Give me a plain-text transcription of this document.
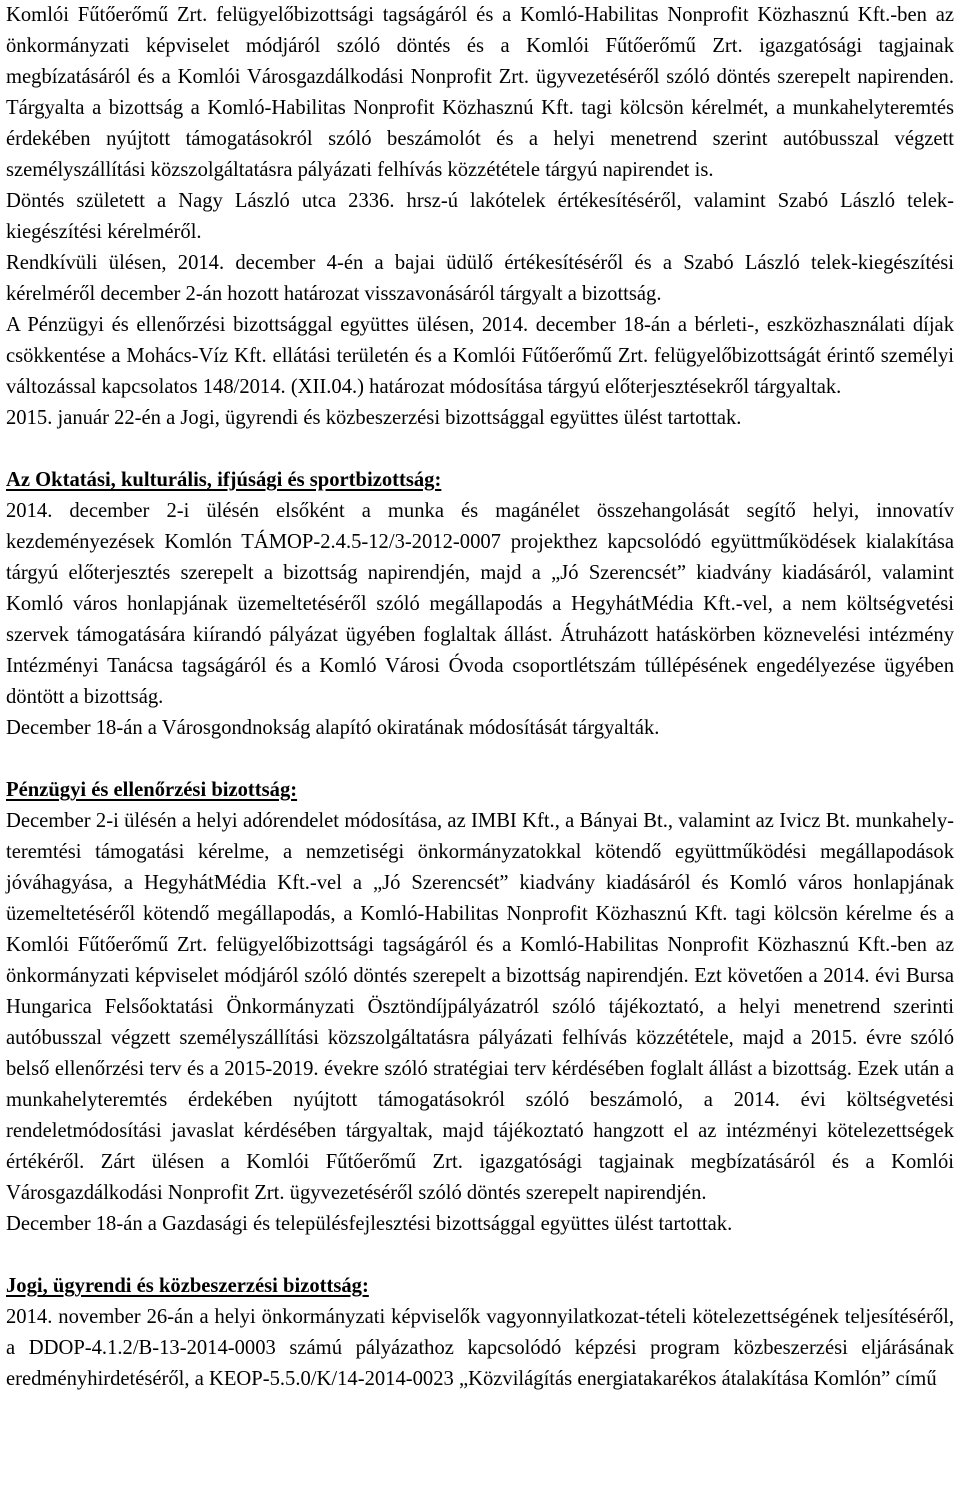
Komlói Fűtőerőmű Zrt. felügyelőbizottsági tagságáról és a Komló-Habilitas Nonprofit Közhasznú Kft.-ben az önkormányzati képviselet módjáról szóló döntés és a Komlói Fűtőerőmű Zrt. igazgatósági tagjainak megbízatásáról és a Komlói Városgazdálkodási Nonprofit Zrt. ügyvezetéséről szóló döntés szerepelt napirenden. Tárgyalta a bizottság a Komló-Habilitas Nonprofit Közhasznú Kft. tagi kölcsön kérelmét, a munkahelyteremtés érdekében nyújtott támogatásokról szóló beszámolót és a helyi menetrend szerint autóbusszal végzett személyszállítási közszolgáltatásra pályázati felhívás közzététele tárgyú napirendet is.

Döntés született a Nagy László utca 2336. hrsz-ú lakótelek értékesítéséről, valamint Szabó László telek-kiegészítési kérelméről.

Rendkívüli ülésen, 2014. december 4-én a bajai üdülő értékesítéséről és a Szabó László telek-kiegészítési kérelméről december 2-án hozott határozat visszavonásáról tárgyalt a bizottság.

A Pénzügyi és ellenőrzési bizottsággal együttes ülésen, 2014. december 18-án a bérleti-, eszközhasználati díjak csökkentése a Mohács-Víz Kft. ellátási területén és a Komlói Fűtőerőmű Zrt. felügyelőbizottságát érintő személyi változással kapcsolatos 148/2014. (XII.04.) határozat módosítása tárgyú előterjesztésekről tárgyaltak.

2015. január 22-én a Jogi, ügyrendi és közbeszerzési bizottsággal együttes ülést tartottak.

Az Oktatási, kulturális, ifjúsági és sportbizottság:

2014. december 2-i ülésén elsőként a munka és magánélet összehangolását segítő helyi, innovatív kezdeményezések Komlón TÁMOP-2.4.5-12/3-2012-0007 projekthez kapcsolódó együttműködések kialakítása tárgyú előterjesztés szerepelt a bizottság napirendjén, majd a „Jó Szerencsét” kiadvány kiadásáról, valamint Komló város honlapjának üzemeltetéséről szóló megállapodás a HegyhátMédia Kft.-vel, a nem költségvetési szervek támogatására kiírandó pályázat ügyében foglaltak állást. Átruházott hatáskörben köznevelési intézmény Intézményi Tanácsa tagságáról és a Komló Városi Óvoda csoportlétszám túllépésének engedélyezése ügyében döntött a bizottság.

December 18-án a Városgondnokság alapító okiratának módosítását tárgyalták.

Pénzügyi és ellenőrzési bizottság:

December 2-i ülésén a helyi adórendelet módosítása, az IMBI Kft., a Bányai Bt., valamint az Ivicz Bt. munkahely-teremtési támogatási kérelme, a nemzetiségi önkormányzatokkal kötendő együttműködési megállapodások jóváhagyása, a HegyhátMédia Kft.-vel a „Jó Szerencsét” kiadvány kiadásáról és Komló város honlapjának üzemeltetéséről kötendő megállapodás, a Komló-Habilitas Nonprofit Közhasznú Kft. tagi kölcsön kérelme és a Komlói Fűtőerőmű Zrt. felügyelőbizottsági tagságáról és a Komló-Habilitas Nonprofit Közhasznú Kft.-ben az önkormányzati képviselet módjáról szóló döntés szerepelt a bizottság napirendjén. Ezt követően a 2014. évi Bursa Hungarica Felsőoktatási Önkormányzati Ösztöndíjpályázatról szóló tájékoztató, a helyi menetrend szerinti autóbusszal végzett személyszállítási közszolgáltatásra pályázati felhívás közzététele, majd a 2015. évre szóló belső ellenőrzési terv és a 2015-2019. évekre szóló stratégiai terv kérdésében foglalt állást a bizottság. Ezek után a munkahelyteremtés érdekében nyújtott támogatásokról szóló beszámoló, a 2014. évi költségvetési rendeletmódosítási javaslat kérdésében tárgyaltak, majd tájékoztató hangzott el az intézményi kötelezettségek értékéről. Zárt ülésen a Komlói Fűtőerőmű Zrt. igazgatósági tagjainak megbízatásáról és a Komlói Városgazdálkodási Nonprofit Zrt. ügyvezetéséről szóló döntés szerepelt napirendjén.

December 18-án a Gazdasági és településfejlesztési bizottsággal együttes ülést tartottak.

Jogi, ügyrendi és közbeszerzési bizottság:

2014. november 26-án a helyi önkormányzati képviselők vagyonnyilatkozat-tételi kötelezettségének teljesítéséről, a DDOP-4.1.2/B-13-2014-0003 számú pályázathoz kapcsolódó képzési program közbeszerzési eljárásának eredményhirdetéséről, a KEOP-5.5.0/K/14-2014-0023 „Közvilágítás energiatakarékos átalakítása Komlón” című
